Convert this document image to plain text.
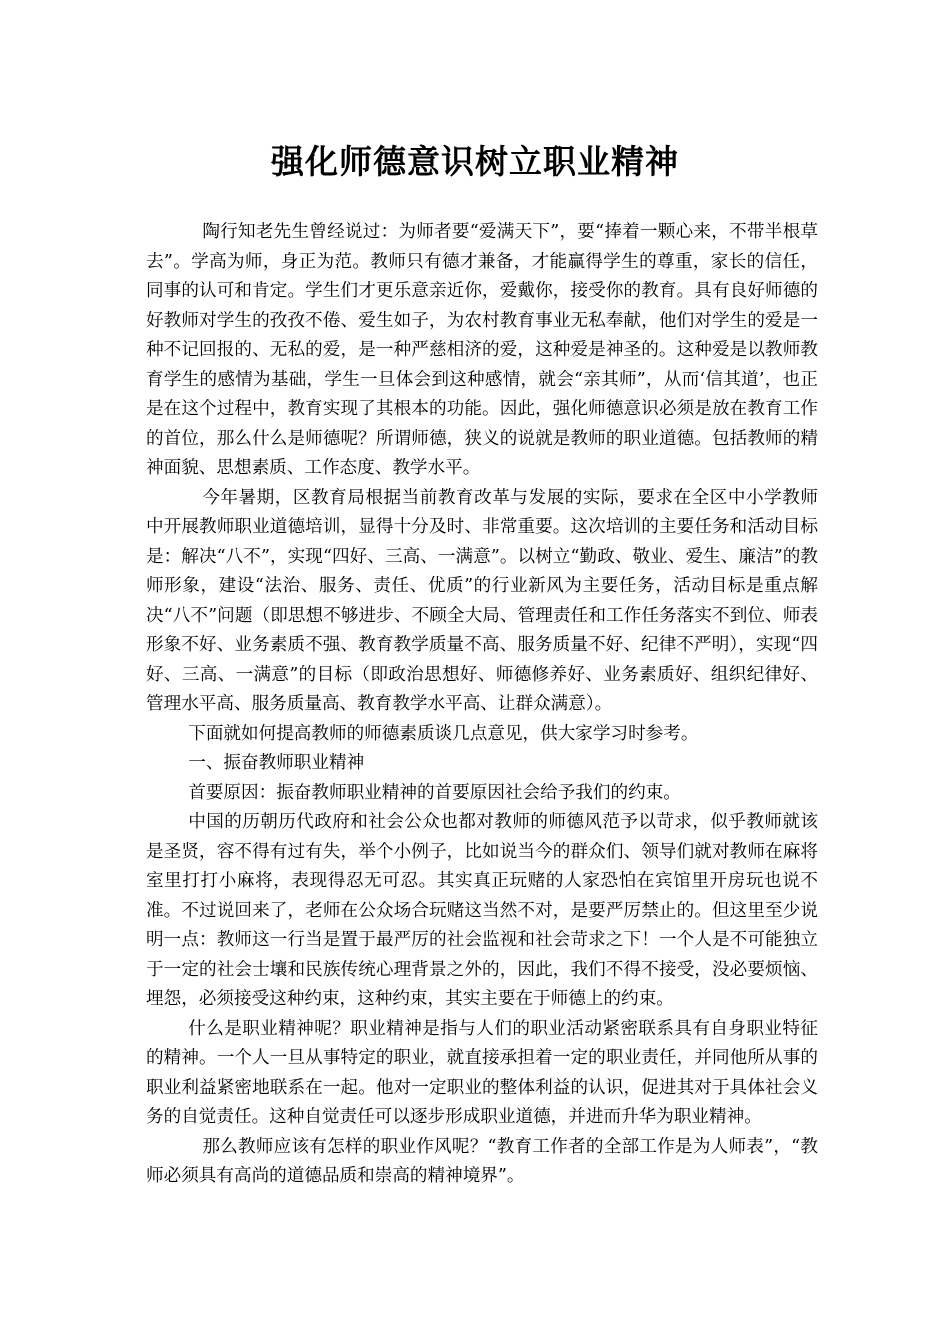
强化师德意识树立职业精神

陶行知老先生曾经说过：为师者要“爱满天下”，要“捧着一颗心来，不带半根草去”。学高为师，身正为范。教师只有德才兼备，才能赢得学生的尊重，家长的信任，同事的认可和肯定。学生们才更乐意亲近你，爱戴你，接受你的教育。具有良好师德的好教师对学生的孜孜不倦、爱生如子，为农村教育事业无私奉献，他们对学生的爱是一种不记回报的、无私的爱，是一种严慈相济的爱，这种爱是神圣的。这种爱是以教师教育学生的感情为基础，学生一旦体会到这种感情，就会“亲其师”，从而‘信其道’，也正是在这个过程中，教育实现了其根本的功能。因此，强化师德意识必须是放在教育工作的首位，那么什么是师德呢？所谓师德，狭义的说就是教师的职业道德。包括教师的精神面貌、思想素质、工作态度、教学水平。

今年暑期，区教育局根据当前教育改革与发展的实际，要求在全区中小学教师中开展教师职业道德培训，显得十分及时、非常重要。这次培训的主要任务和活动目标是：解决“八不”，实现“四好、三高、一满意”。以树立“勤政、敬业、爱生、廉洁”的教师形象，建设“法治、服务、责任、优质”的行业新风为主要任务，活动目标是重点解决“八不”问题（即思想不够进步、不顾全大局、管理责任和工作任务落实不到位、师表形象不好、业务素质不强、教育教学质量不高、服务质量不好、纪律不严明），实现“四好、三高、一满意”的目标（即政治思想好、师德修养好、业务素质好、组织纪律好、管理水平高、服务质量高、教育教学水平高、让群众满意）。

下面就如何提高教师的师德素质谈几点意见，供大家学习时参考。

一、振奋教师职业精神

首要原因：振奋教师职业精神的首要原因社会给予我们的约束。

中国的历朝历代政府和社会公众也都对教师的师德风范予以苛求，似乎教师就该是圣贤，容不得有过有失，举个小例子，比如说当今的群众们、领导们就对教师在麻将室里打打小麻将，表现得忍无可忍。其实真正玩赌的人家恐怕在宾馆里开房玩也说不准。不过说回来了，老师在公众场合玩赌这当然不对，是要严厉禁止的。但这里至少说明一点：教师这一行当是置于最严厉的社会监视和社会苛求之下！一个人是不可能独立于一定的社会士壤和民族传统心理背景之外的，因此，我们不得不接受，没必要烦恼、埋怨，必须接受这种约束，这种约束，其实主要在于师德上的约束。

什么是职业精神呢？职业精神是指与人们的职业活动紧密联系具有自身职业特征的精神。一个人一旦从事特定的职业，就直接承担着一定的职业责任，并同他所从事的职业利益紧密地联系在一起。他对一定职业的整体利益的认识，促进其对于具体社会义务的自觉责任。这种自觉责任可以逐步形成职业道德，并进而升华为职业精神。

那么教师应该有怎样的职业作风呢？“教育工作者的全部工作是为人师表”，“教师必须具有高尚的道德品质和崇高的精神境界”。
